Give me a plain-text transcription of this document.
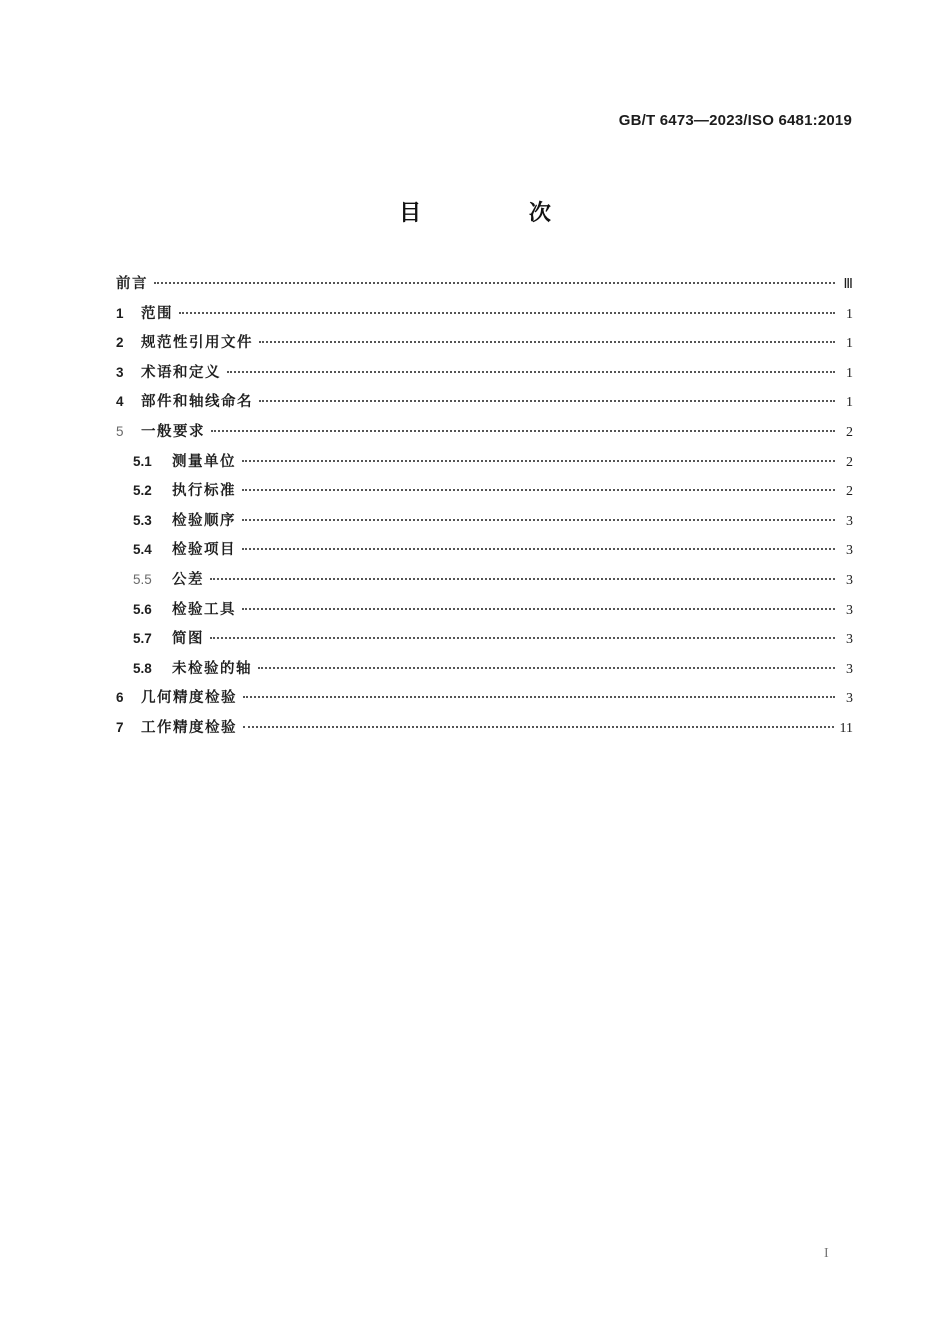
GB/T 6473—2023/ISO 6481:2019
目 次
前言	Ⅲ
1	范围	1
2	规范性引用文件	1
3	术语和定义	1
4	部件和轴线命名	1
5	一般要求	2
5.1	测量单位	2
5.2	执行标准	2
5.3	检验顺序	3
5.4	检验项目	3
5.5	公差	3
5.6	检验工具	3
5.7	简图	3
5.8	未检验的轴	3
6	几何精度检验	3
7	工作精度检验	11
I
